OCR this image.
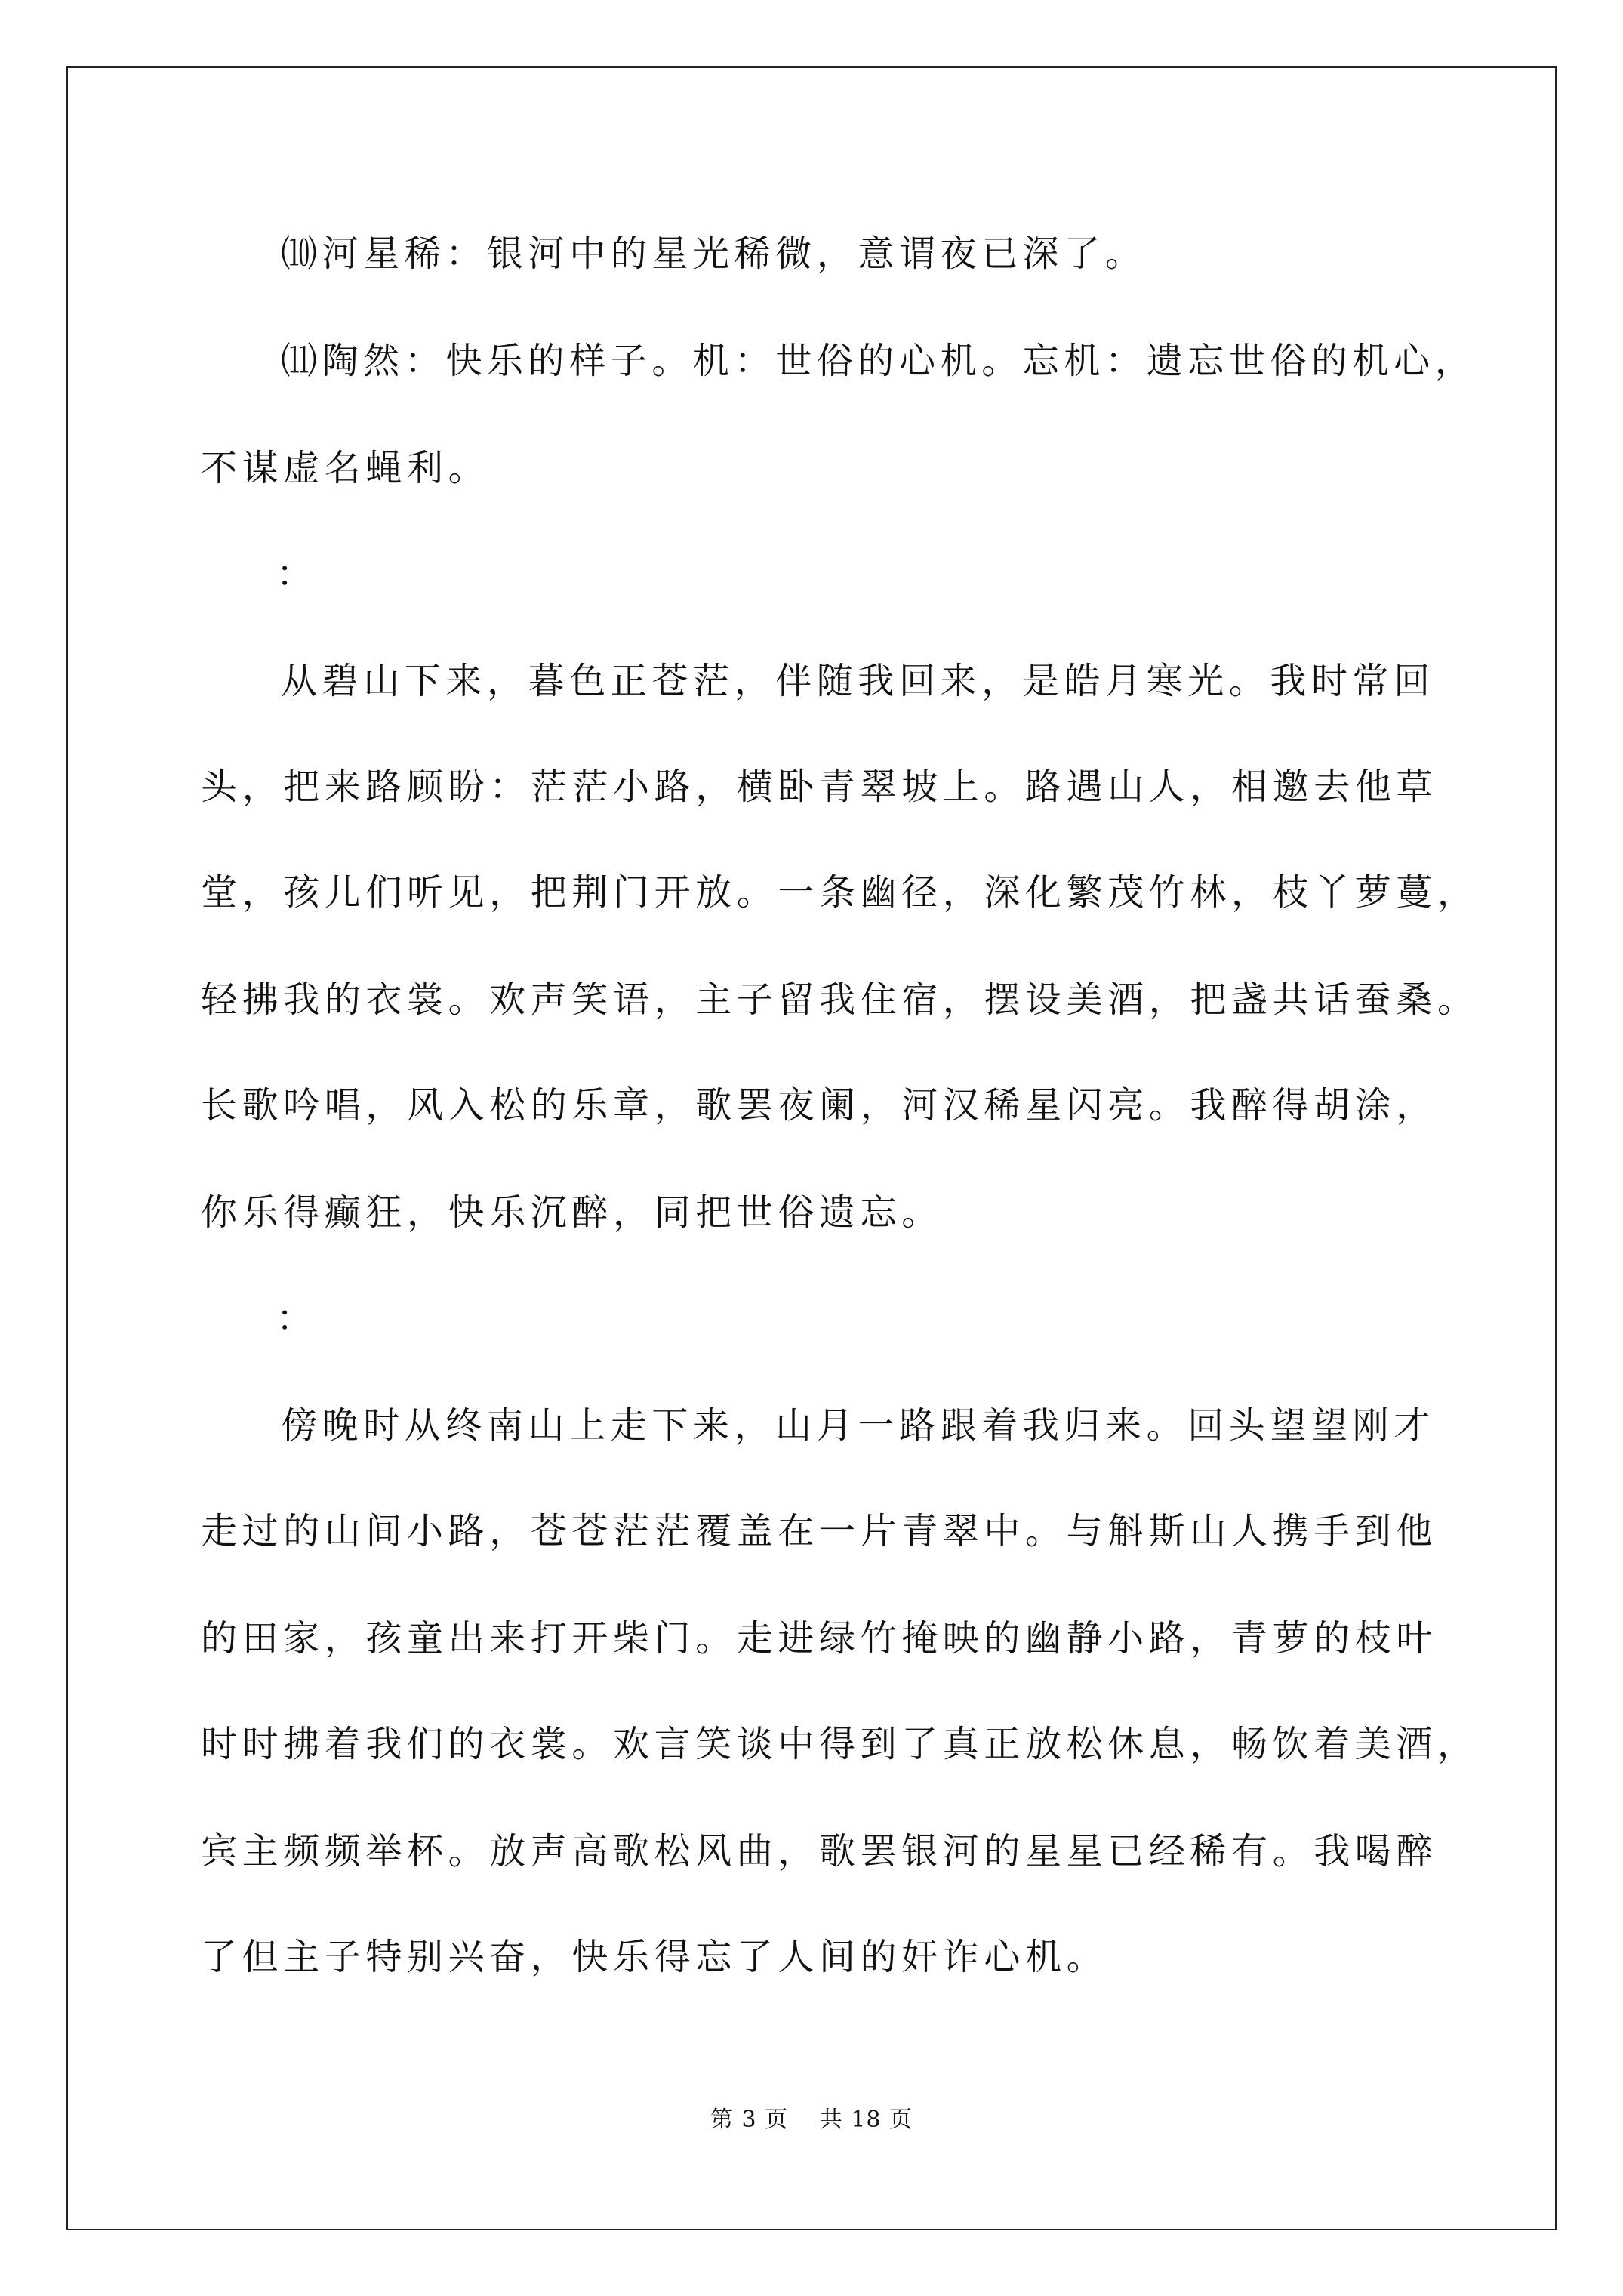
⑽河星稀：银河中的星光稀微，意谓夜已深了。

⑾陶然：快乐的样子。机：世俗的心机。忘机：遗忘世俗的机心，

不谋虚名蝇利。

：

从碧山下来，暮色正苍茫，伴随我回来，是皓月寒光。我时常回

头，把来路顾盼：茫茫小路，横卧青翠坡上。路遇山人，相邀去他草

堂，孩儿们听见，把荆门开放。一条幽径，深化繁茂竹林，枝丫萝蔓，

轻拂我的衣裳。欢声笑语，主子留我住宿，摆设美酒，把盏共话蚕桑。

长歌吟唱，风入松的乐章，歌罢夜阑，河汉稀星闪亮。我醉得胡涂，

你乐得癫狂，快乐沉醉，同把世俗遗忘。

：

傍晚时从终南山上走下来，山月一路跟着我归来。回头望望刚才

走过的山间小路，苍苍茫茫覆盖在一片青翠中。与斛斯山人携手到他

的田家，孩童出来打开柴门。走进绿竹掩映的幽静小路，青萝的枝叶

时时拂着我们的衣裳。欢言笑谈中得到了真正放松休息，畅饮着美酒，

宾主频频举杯。放声高歌松风曲，歌罢银河的星星已经稀有。我喝醉

了但主子特别兴奋，快乐得忘了人间的奸诈心机。

第 3 页　 共 18 页
